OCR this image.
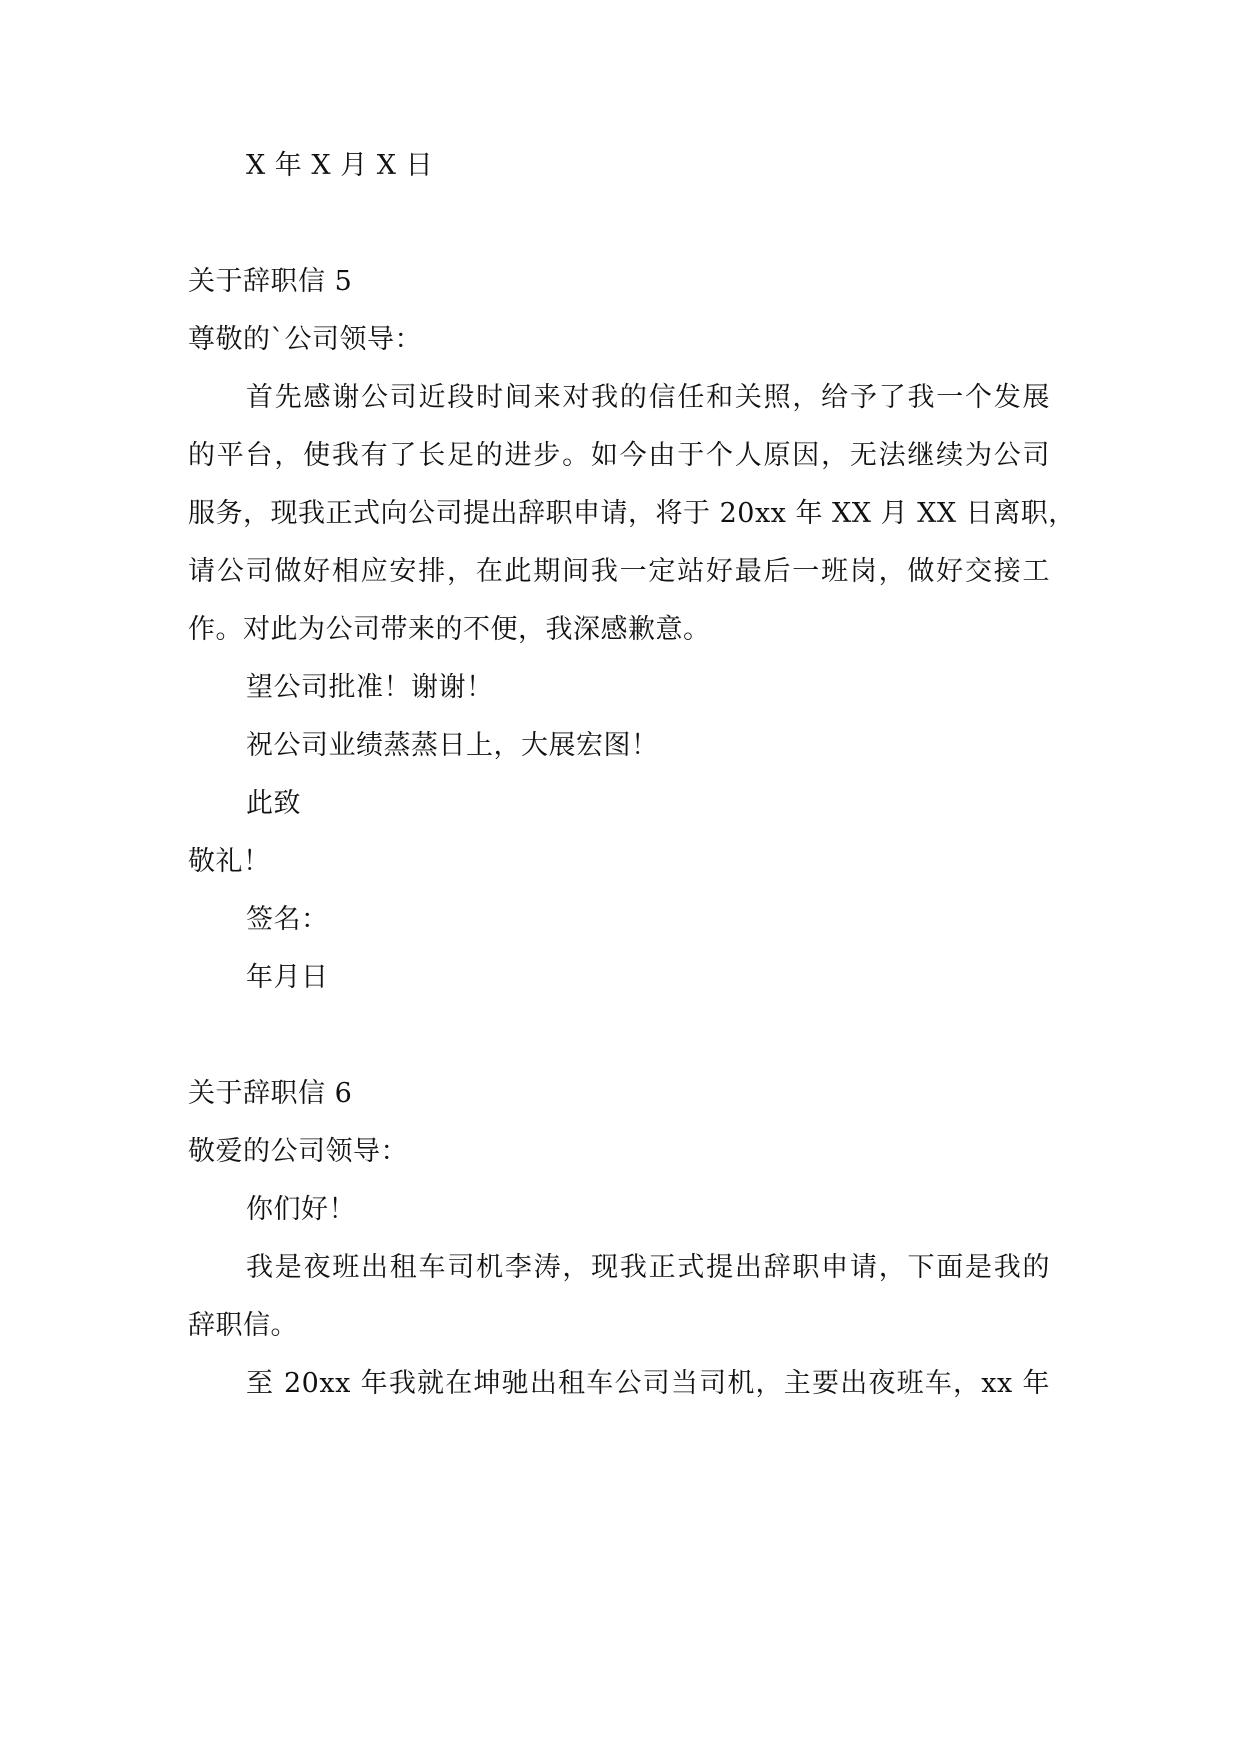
X 年 X 月 X 日
关于辞职信 5
尊敬的`公司领导：
首先感谢公司近段时间来对我的信任和关照，给予了我一个发展
的平台，使我有了长足的进步。如今由于个人原因，无法继续为公司
服务，现我正式向公司提出辞职申请，将于 20xx 年 XX 月 XX 日离职，
请公司做好相应安排，在此期间我一定站好最后一班岗，做好交接工
作。对此为公司带来的不便，我深感歉意。
望公司批准！谢谢！
祝公司业绩蒸蒸日上，大展宏图！
此致
敬礼！
签名：
年月日
关于辞职信 6
敬爱的公司领导：
你们好！
我是夜班出租车司机李涛，现我正式提出辞职申请，下面是我的
辞职信。
至 20xx 年我就在坤驰出租车公司当司机，主要出夜班车，xx 年
